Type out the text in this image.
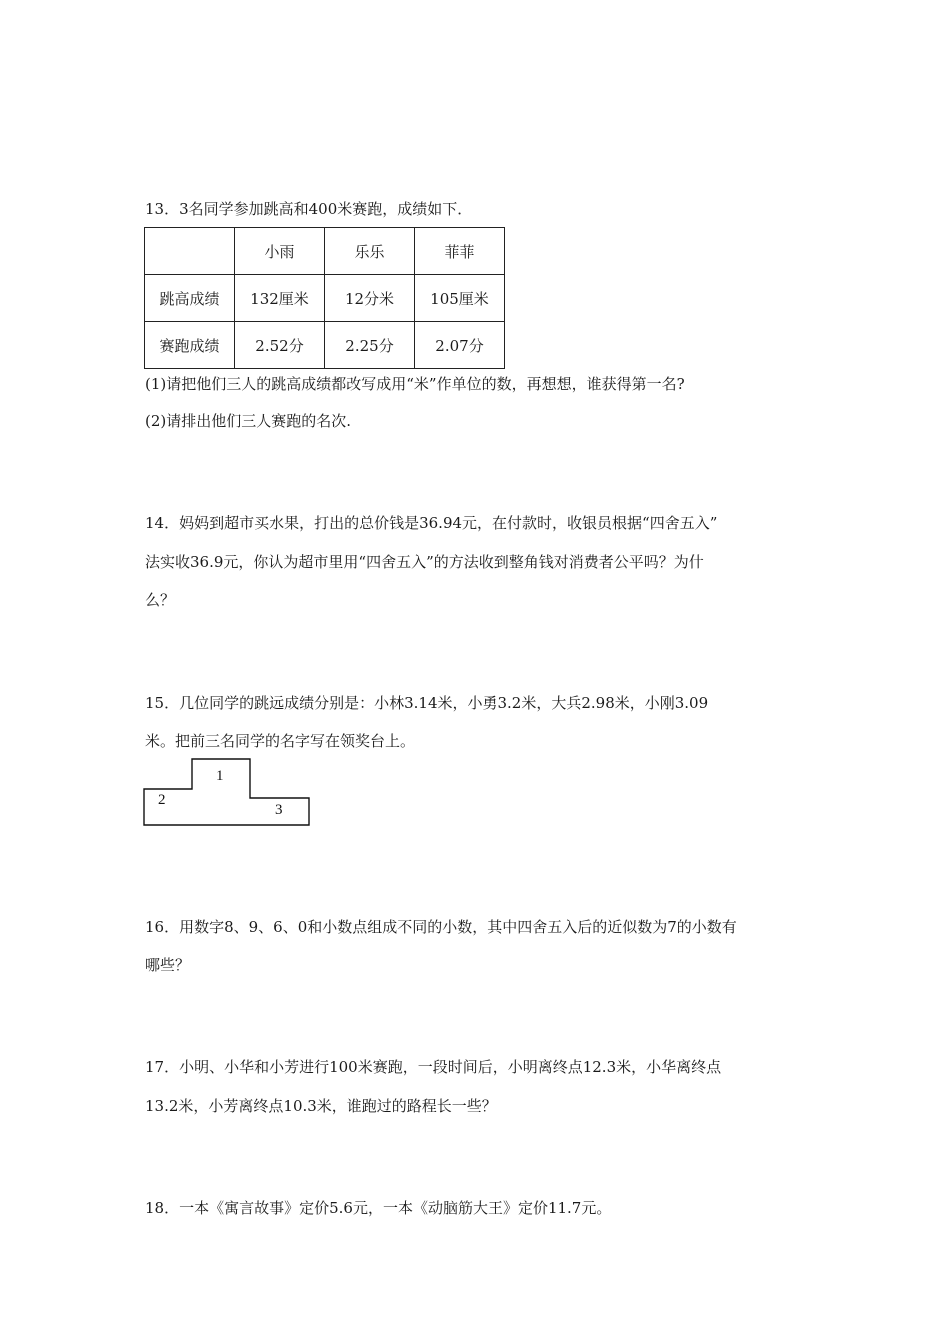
13．3名同学参加跳高和400米赛跑，成绩如下．
	小雨	乐乐	菲菲
跳高成绩	132厘米	12分米	105厘米
赛跑成绩	2.52分	2.25分	2.07分
(1)请把他们三人的跳高成绩都改写成用“米”作单位的数，再想想，谁获得第一名?
(2)请排出他们三人赛跑的名次.
14．妈妈到超市买水果，打出的总价钱是36.94元，在付款时，收银员根据“四舍五入”
法实收36.9元，你认为超市里用“四舍五入”的方法收到整角钱对消费者公平吗？为什
么？
15．几位同学的跳远成绩分别是：小林3.14米，小勇3.2米，大兵2.98米，小刚3.09
米。把前三名同学的名字写在领奖台上。
1
2
3
16．用数字8、9、6、0和小数点组成不同的小数，其中四舍五入后的近似数为7的小数有
哪些？
17．小明、小华和小芳进行100米赛跑，一段时间后，小明离终点12.3米，小华离终点
13.2米，小芳离终点10.3米，谁跑过的路程长一些？
18．一本《寓言故事》定价5.6元，一本《动脑筋大王》定价11.7元。
